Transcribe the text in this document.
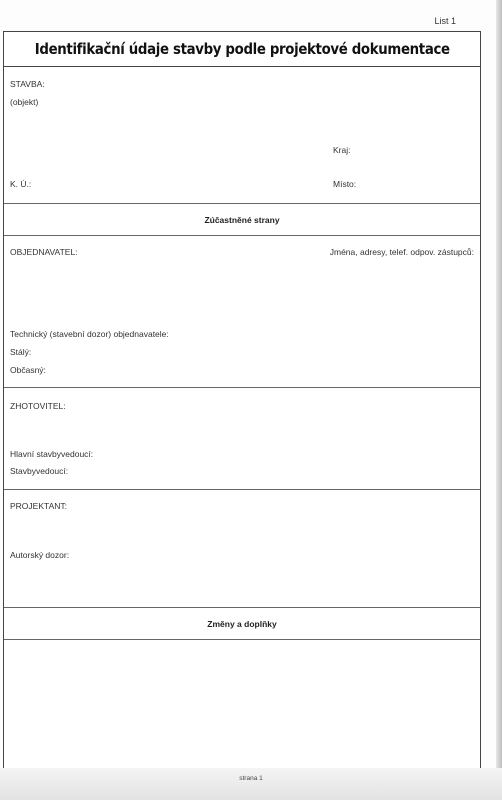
List 1
Identifikační údaje stavby podle projektové dokumentace
STAVBA:
(objekt)
Kraj:
K. Ú.:	Místo:
Zúčastněné strany
OBJEDNAVATEL:	Jména, adresy, telef. odpov. zástupců:
Technický (stavební dozor) objednavatele:
Stálý:
Občasný:
ZHOTOVITEL:
Hlavní stavbyvedoucí:
Stavbyvedoucí:
PROJEKTANT:
Autorský dozor:
Změny a doplňky
strana 1
